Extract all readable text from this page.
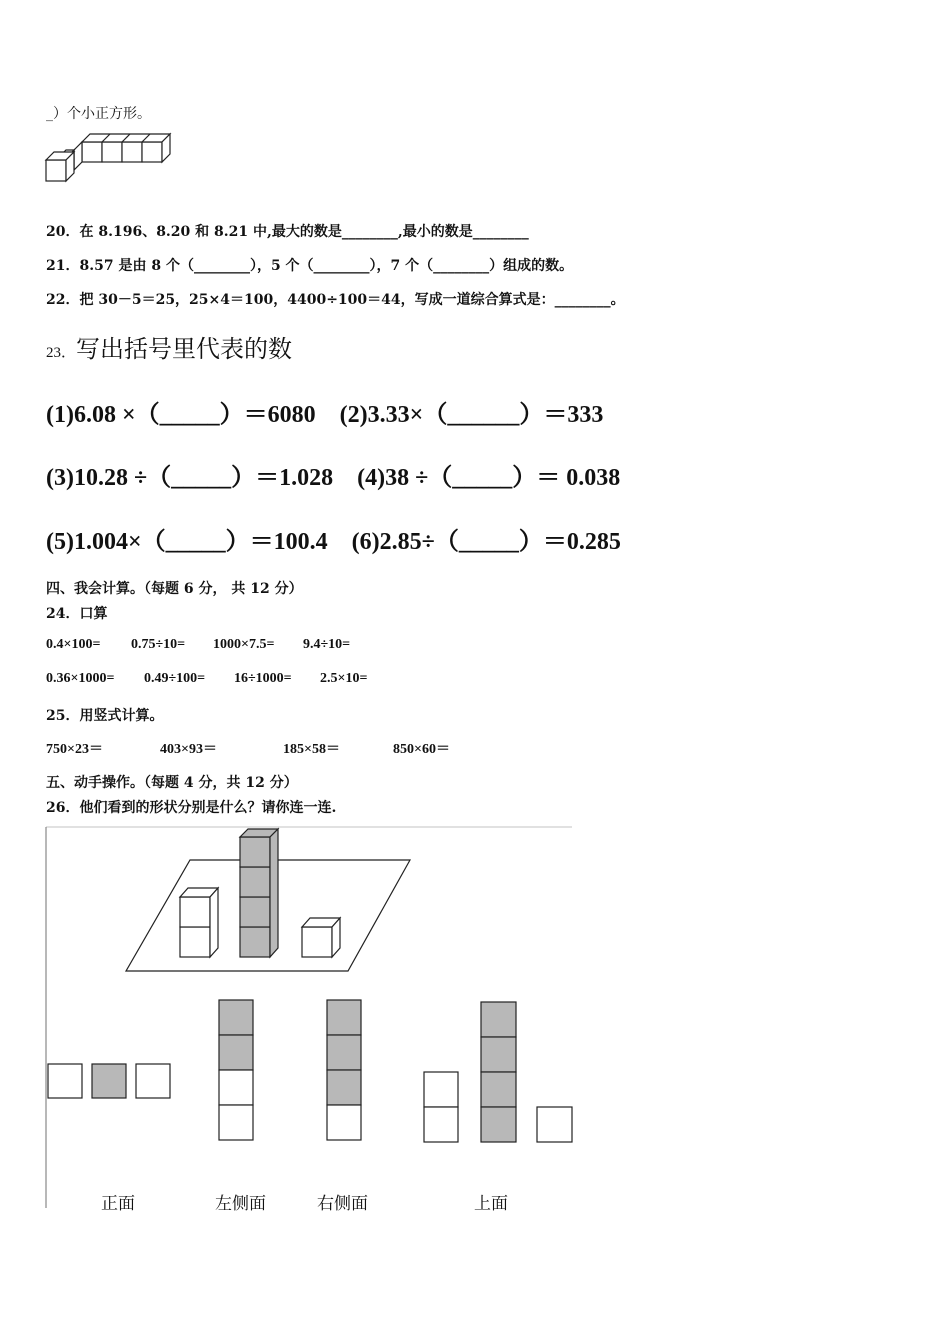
_）个小正方形。
20．在 8.196、8.20 和 8.21 中,最大的数是________,最小的数是________
21．8.57 是由 8 个（________），5 个（________），7 个（________）组成的数。
22．把 30－5＝25，25×4＝100，4400÷100＝44，写成一道综合算式是：________。
23．写出括号里代表的数
(1)6.08 ×（_____）＝6080    (2)3.33×（______）＝333
(3)10.28 ÷（_____）＝1.028    (4)38 ÷（_____）＝ 0.038
(5)1.004×（_____）＝100.4    (6)2.85÷（_____）＝0.285
四、我会计算。（每题 6 分， 共 12 分）
24．口算
0.4×100= 0.75÷10= 1000×7.5= 9.4÷10=
0.36×1000= 0.49÷100= 16÷1000= 2.5×10=
25．用竖式计算。
750×23＝	403×93＝	185×58＝	850×60＝
五、动手操作。（每题 4 分，共 12 分）
26．他们看到的形状分别是什么？请你连一连.
正面	左侧面	右侧面	上面
